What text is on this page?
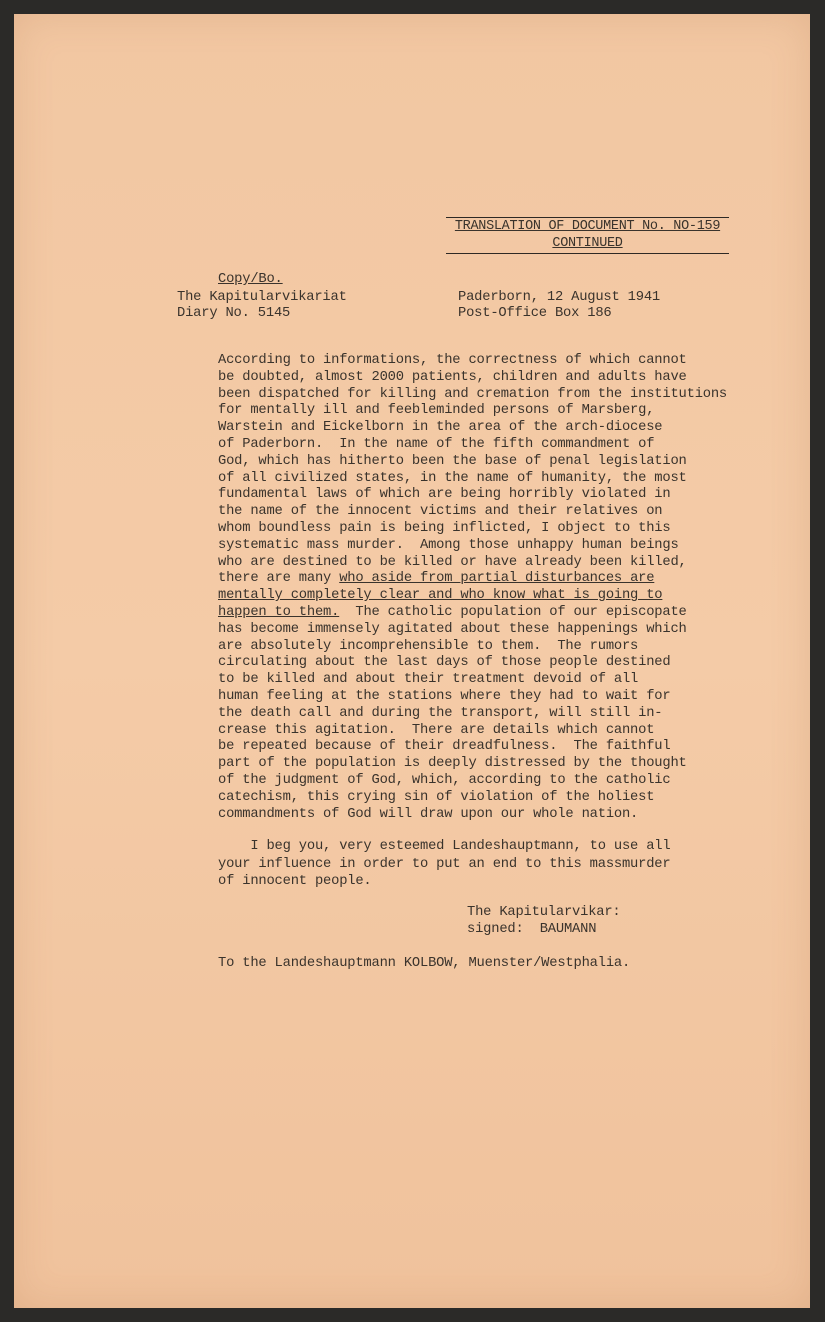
TRANSLATION OF DOCUMENT No. NO-159
CONTINUED
Copy/Bo.
The Kapitularvikariat
Diary No. 5145
Paderborn, 12 August 1941
Post-Office Box 186
According to informations, the correctness of which cannot
be doubted, almost 2000 patients, children and adults have
been dispatched for killing and cremation from the institutions
for mentally ill and feebleminded persons of Marsberg,
Warstein and Eickelborn in the area of the arch-diocese
of Paderborn.  In the name of the fifth commandment of
God, which has hitherto been the base of penal legislation
of all civilized states, in the name of humanity, the most
fundamental laws of which are being horribly violated in
the name of the innocent victims and their relatives on
whom boundless pain is being inflicted, I object to this
systematic mass murder.  Among those unhappy human beings
who are destined to be killed or have already been killed,
there are many who aside from partial disturbances are
mentally completely clear and who know what is going to
happen to them.  The catholic population of our episcopate
has become immensely agitated about these happenings which
are absolutely incomprehensible to them.  The rumors
circulating about the last days of those people destined
to be killed and about their treatment devoid of all
human feeling at the stations where they had to wait for
the death call and during the transport, will still in-
crease this agitation.  There are details which cannot
be repeated because of their dreadfulness.  The faithful
part of the population is deeply distressed by the thought
of the judgment of God, which, according to the catholic
catechism, this crying sin of violation of the holiest
commandments of God will draw upon our whole nation.
I beg you, very esteemed Landeshauptmann, to use all
your influence in order to put an end to this massmurder
of innocent people.
The Kapitularvikar:
signed:  BAUMANN
To the Landeshauptmann KOLBOW, Muenster/Westphalia.
